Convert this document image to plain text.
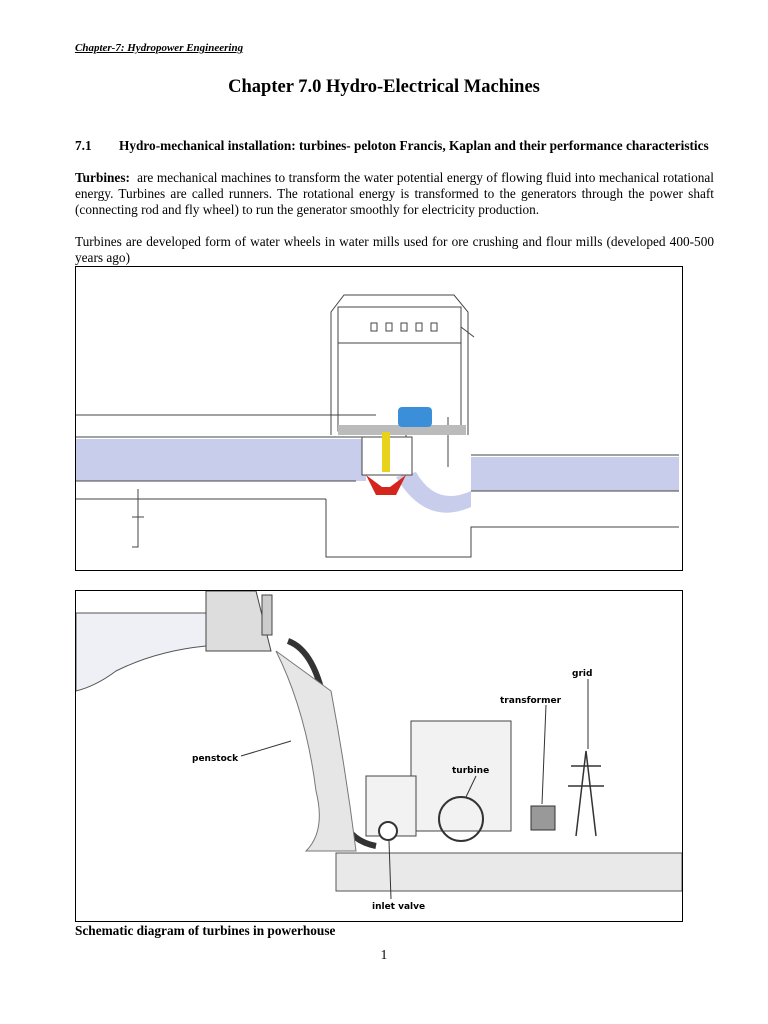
Chapter-7: Hydropower Engineering
Chapter 7.0 Hydro-Electrical Machines
7.1 Hydro-mechanical installation: turbines- peloton Francis, Kaplan and their performance characteristics
Turbines: are mechanical machines to transform the water potential energy of flowing fluid into mechanical rotational energy. Turbines are called runners. The rotational energy is transformed to the generators through the power shaft (connecting rod and fly wheel) to run the generator smoothly for electricity production.
Turbines are developed form of water wheels in water mills used for ore crushing and flour mills (developed 400-500 years ago)
grid
transformer
penstock
turbine
inlet valve
Schematic diagram of turbines in powerhouse
1
